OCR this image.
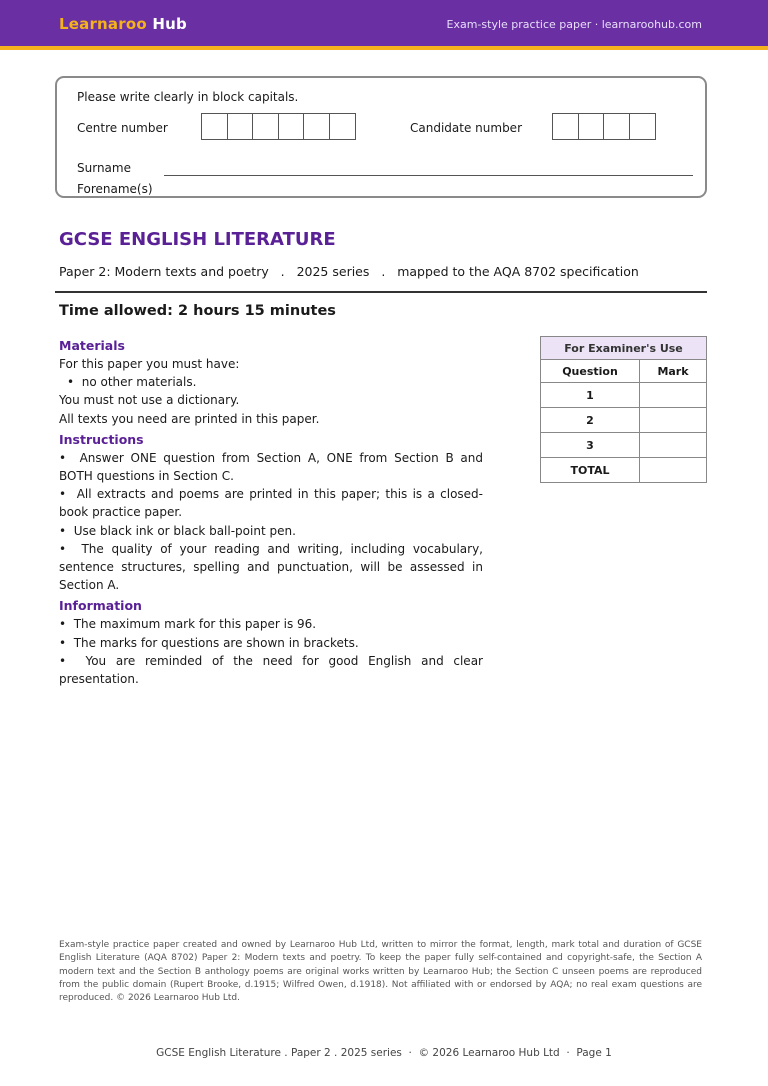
Learnaroo Hub	Exam-style practice paper · learnaroohub.com
Please write clearly in block capitals.
Centre number	Candidate number
Surname
Forename(s)
GCSE ENGLISH LITERATURE
Paper 2: Modern texts and poetry . 2025 series . mapped to the AQA 8702 specification
Time allowed: 2 hours 15 minutes
Materials
For this paper you must have:
•  no other materials.
You must not use a dictionary.
All texts you need are printed in this paper.
Instructions
•  Answer ONE question from Section A, ONE from Section B and BOTH questions in Section C.
•  All extracts and poems are printed in this paper; this is a closed-book practice paper.
•  Use black ink or black ball-point pen.
•  The quality of your reading and writing, including vocabulary, sentence structures, spelling and punctuation, will be assessed in Section A.
Information
•  The maximum mark for this paper is 96.
•  The marks for questions are shown in brackets.
•  You are reminded of the need for good English and clear presentation.
For Examiner's Use	
Question	Mark
1	
2	
3	
TOTAL	
Exam-style practice paper created and owned by Learnaroo Hub Ltd, written to mirror the format, length, mark total and duration of GCSE English Literature (AQA 8702) Paper 2: Modern texts and poetry. To keep the paper fully self-contained and copyright-safe, the Section A modern text and the Section B anthology poems are original works written by Learnaroo Hub; the Section C unseen poems are reproduced from the public domain (Rupert Brooke, d.1915; Wilfred Owen, d.1918). Not affiliated with or endorsed by AQA; no real exam questions are reproduced. © 2026 Learnaroo Hub Ltd.
GCSE English Literature . Paper 2 . 2025 series  ·  © 2026 Learnaroo Hub Ltd  ·  Page 1
